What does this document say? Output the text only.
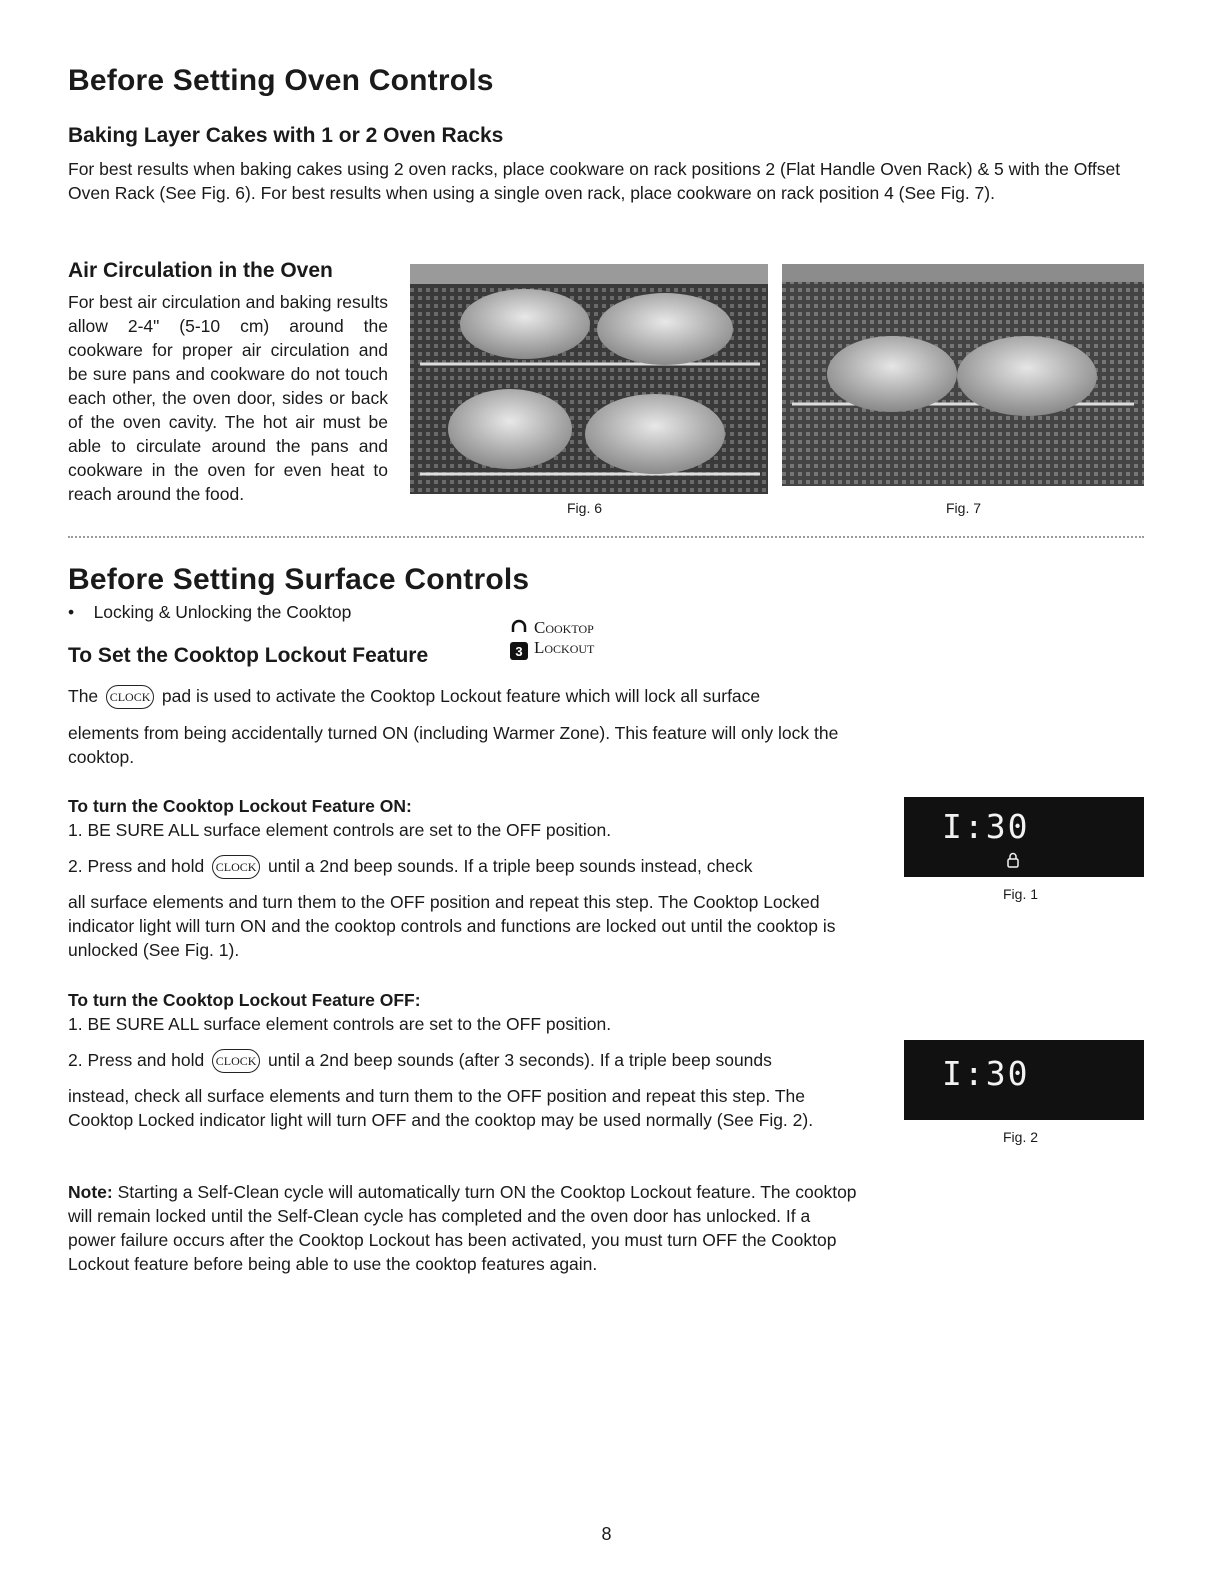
Before Setting Oven Controls
Baking Layer Cakes with 1 or 2 Oven Racks

For best results when baking cakes using 2 oven racks, place cookware on rack positions 2 (Flat Handle Oven Rack) & 5 with the Offset Oven Rack (See Fig. 6). For best results when using a single oven rack, place cookware on rack position 4 (See Fig. 7).

Air Circulation in the Oven

For best air circulation and baking results allow 2-4" (5-10 cm) around the cookware for proper air circulation and be sure pans and cookware do not touch each other, the oven door, sides or back of the oven cavity. The hot air must be able to circulate around the pans and cookware in the oven for even heat to reach around the food.

Fig. 6	Fig. 7
Before Setting Surface Controls
•    Locking & Unlocking the Cooktop
To Set the Cooktop Lockout Feature	3
Cooktop
Lockout
The CLOCK pad is used to activate the Cooktop Lockout feature which will lock all surface

elements from being accidentally turned ON (including Warmer Zone). This feature will only lock the cooktop.

To turn the Cooktop Lockout Feature ON:
1. BE SURE ALL surface element controls are set to the OFF position.
2. Press and hold CLOCK until a 2nd beep sounds. If a triple beep sounds instead, check

all surface elements and turn them to the OFF position and repeat this step. The Cooktop Locked indicator light will turn ON and the cooktop controls and functions are locked out until the cooktop is unlocked (See Fig. 1).

I:30
Fig. 1
To turn the Cooktop Lockout Feature OFF:
1. BE SURE ALL surface element controls are set to the OFF position.
2. Press and hold CLOCK until a 2nd beep sounds (after 3 seconds). If a triple beep sounds

instead, check all surface elements and turn them to the OFF position and repeat this step. The Cooktop Locked indicator light will turn OFF and the cooktop may be used normally (See Fig. 2).

I:30
Fig. 2

Note: Starting a Self-Clean cycle will automatically turn ON the Cooktop Lockout feature. The cooktop will remain locked until the Self-Clean cycle has completed and the oven door has unlocked. If a power failure occurs after the Cooktop Lockout has been activated, you must turn OFF the Cooktop Lockout feature before being able to use the cooktop features again.

8
